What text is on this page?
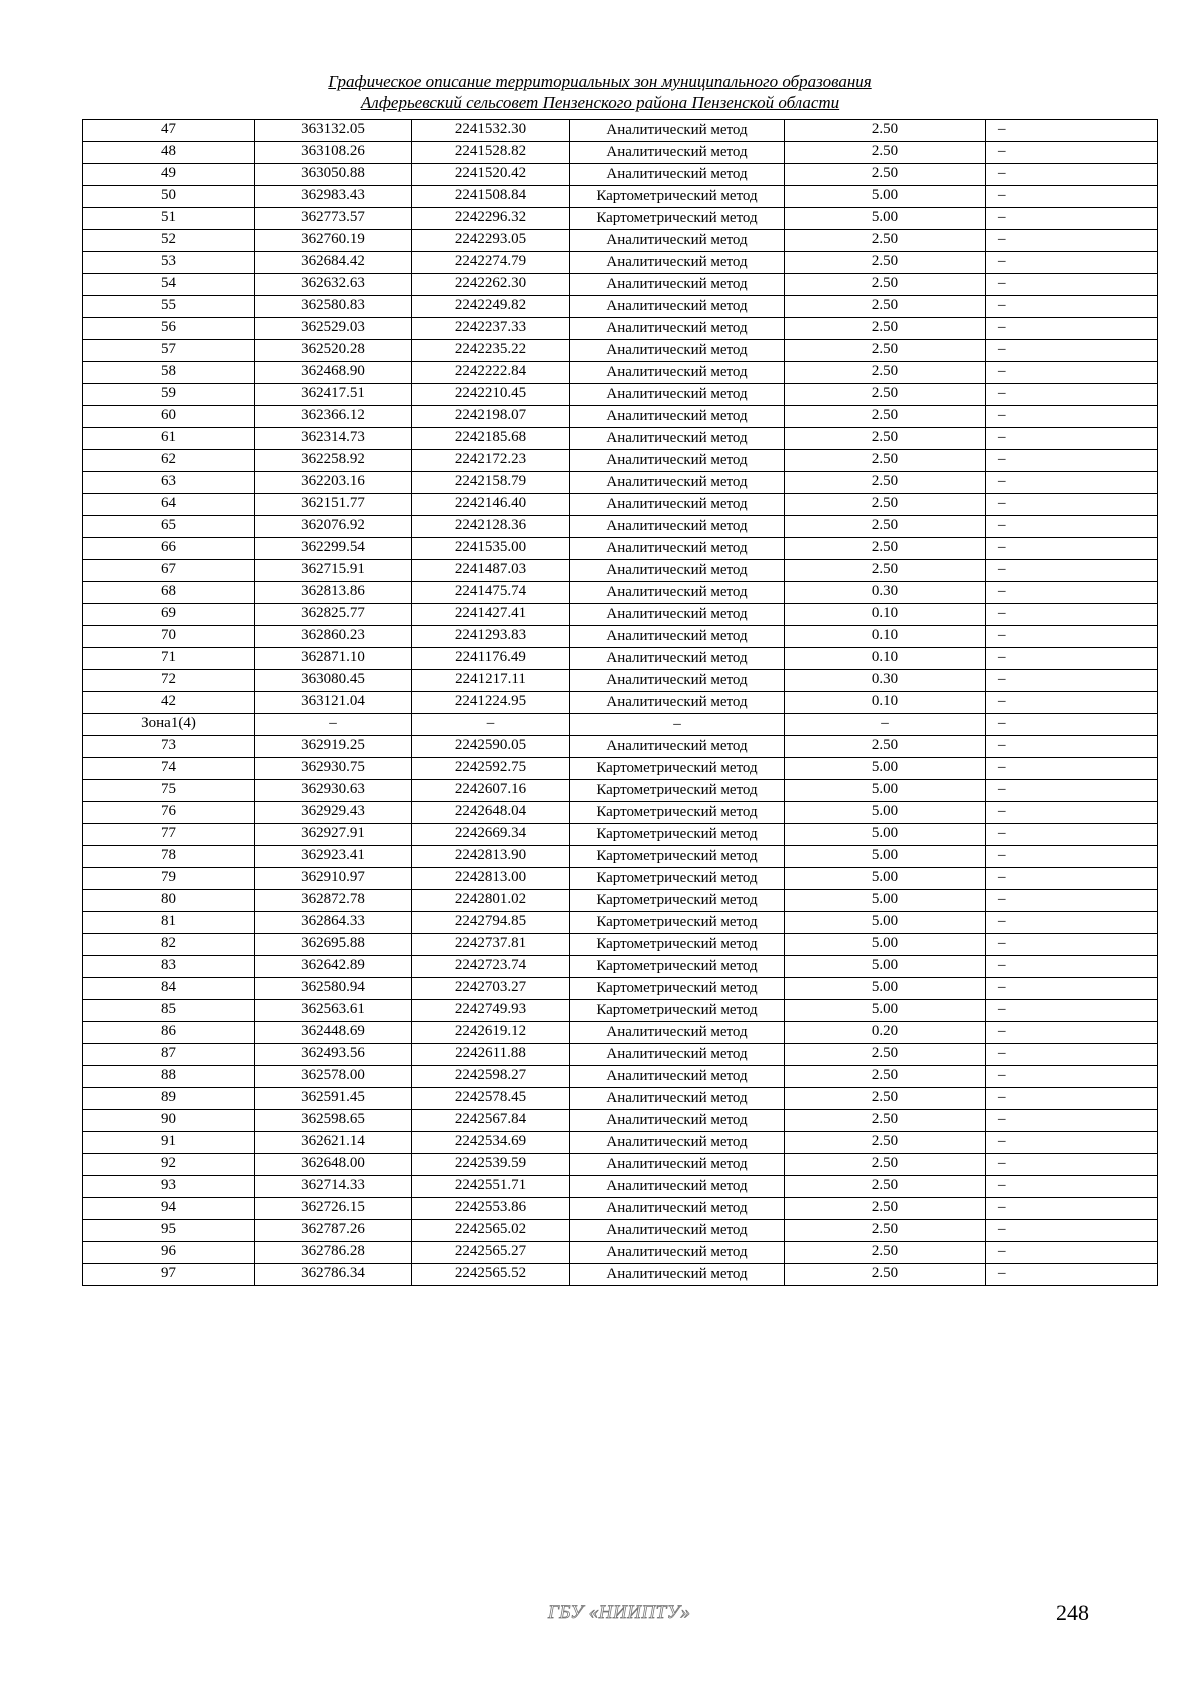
Графическое описание территориальных зон муниципального образования
Алферьевский сельсовет Пензенского района Пензенской области
47	363132.05	2241532.30	Аналитический метод	2.50	–
48	363108.26	2241528.82	Аналитический метод	2.50	–
49	363050.88	2241520.42	Аналитический метод	2.50	–
50	362983.43	2241508.84	Картометрический метод	5.00	–
51	362773.57	2242296.32	Картометрический метод	5.00	–
52	362760.19	2242293.05	Аналитический метод	2.50	–
53	362684.42	2242274.79	Аналитический метод	2.50	–
54	362632.63	2242262.30	Аналитический метод	2.50	–
55	362580.83	2242249.82	Аналитический метод	2.50	–
56	362529.03	2242237.33	Аналитический метод	2.50	–
57	362520.28	2242235.22	Аналитический метод	2.50	–
58	362468.90	2242222.84	Аналитический метод	2.50	–
59	362417.51	2242210.45	Аналитический метод	2.50	–
60	362366.12	2242198.07	Аналитический метод	2.50	–
61	362314.73	2242185.68	Аналитический метод	2.50	–
62	362258.92	2242172.23	Аналитический метод	2.50	–
63	362203.16	2242158.79	Аналитический метод	2.50	–
64	362151.77	2242146.40	Аналитический метод	2.50	–
65	362076.92	2242128.36	Аналитический метод	2.50	–
66	362299.54	2241535.00	Аналитический метод	2.50	–
67	362715.91	2241487.03	Аналитический метод	2.50	–
68	362813.86	2241475.74	Аналитический метод	0.30	–
69	362825.77	2241427.41	Аналитический метод	0.10	–
70	362860.23	2241293.83	Аналитический метод	0.10	–
71	362871.10	2241176.49	Аналитический метод	0.10	–
72	363080.45	2241217.11	Аналитический метод	0.30	–
42	363121.04	2241224.95	Аналитический метод	0.10	–
Зона1(4)	–	–	–	–	–
73	362919.25	2242590.05	Аналитический метод	2.50	–
74	362930.75	2242592.75	Картометрический метод	5.00	–
75	362930.63	2242607.16	Картометрический метод	5.00	–
76	362929.43	2242648.04	Картометрический метод	5.00	–
77	362927.91	2242669.34	Картометрический метод	5.00	–
78	362923.41	2242813.90	Картометрический метод	5.00	–
79	362910.97	2242813.00	Картометрический метод	5.00	–
80	362872.78	2242801.02	Картометрический метод	5.00	–
81	362864.33	2242794.85	Картометрический метод	5.00	–
82	362695.88	2242737.81	Картометрический метод	5.00	–
83	362642.89	2242723.74	Картометрический метод	5.00	–
84	362580.94	2242703.27	Картометрический метод	5.00	–
85	362563.61	2242749.93	Картометрический метод	5.00	–
86	362448.69	2242619.12	Аналитический метод	0.20	–
87	362493.56	2242611.88	Аналитический метод	2.50	–
88	362578.00	2242598.27	Аналитический метод	2.50	–
89	362591.45	2242578.45	Аналитический метод	2.50	–
90	362598.65	2242567.84	Аналитический метод	2.50	–
91	362621.14	2242534.69	Аналитический метод	2.50	–
92	362648.00	2242539.59	Аналитический метод	2.50	–
93	362714.33	2242551.71	Аналитический метод	2.50	–
94	362726.15	2242553.86	Аналитический метод	2.50	–
95	362787.26	2242565.02	Аналитический метод	2.50	–
96	362786.28	2242565.27	Аналитический метод	2.50	–
97	362786.34	2242565.52	Аналитический метод	2.50	–
ГБУ «НИИПТУ»	248
